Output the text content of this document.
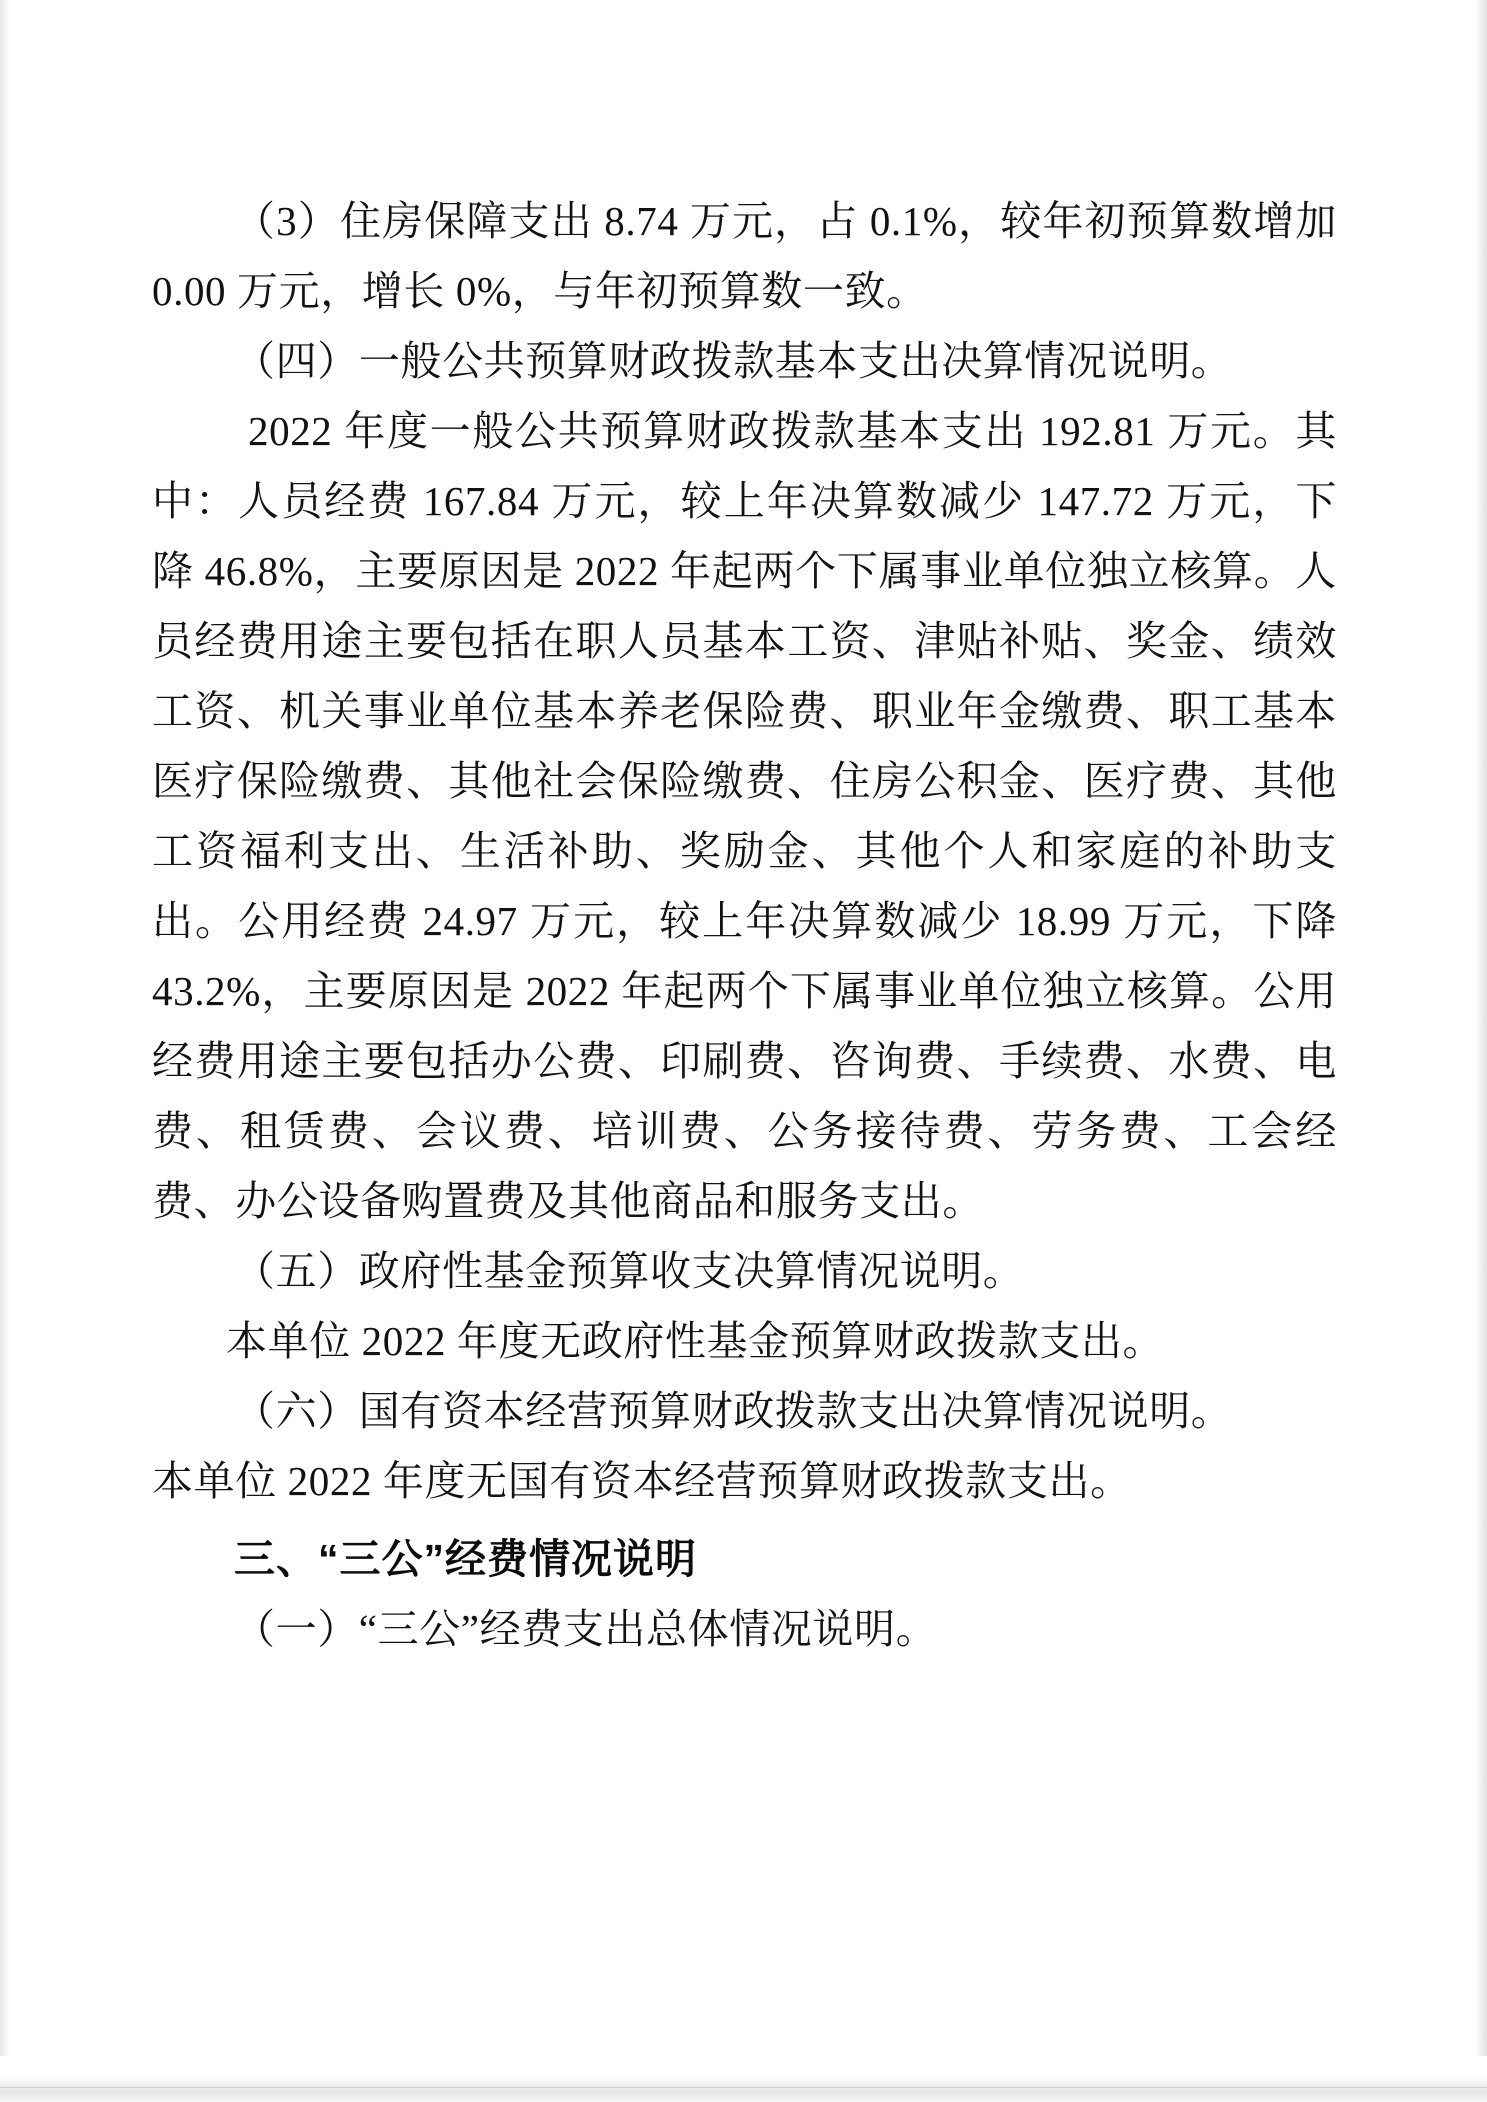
（3）住房保障支出 8.74 万元，占 0.1%，较年初预算数增加 0.00 万元，增长 0%，与年初预算数一致。

（四）一般公共预算财政拨款基本支出决算情况说明。

2022 年度一般公共预算财政拨款基本支出 192.81 万元。其中：人员经费 167.84 万元，较上年决算数减少 147.72 万元，下降 46.8%，主要原因是 2022 年起两个下属事业单位独立核算。人员经费用途主要包括在职人员基本工资、津贴补贴、奖金、绩效工资、机关事业单位基本养老保险费、职业年金缴费、职工基本医疗保险缴费、其他社会保险缴费、住房公积金、医疗费、其他工资福利支出、生活补助、奖励金、其他个人和家庭的补助支出。公用经费 24.97 万元，较上年决算数减少 18.99 万元，下降 43.2%，主要原因是 2022 年起两个下属事业单位独立核算。公用经费用途主要包括办公费、印刷费、咨询费、手续费、水费、电费、租赁费、会议费、培训费、公务接待费、劳务费、工会经费、办公设备购置费及其他商品和服务支出。

（五）政府性基金预算收支决算情况说明。

本单位 2022 年度无政府性基金预算财政拨款支出。

（六）国有资本经营预算财政拨款支出决算情况说明。

本单位 2022 年度无国有资本经营预算财政拨款支出。

三、“三公”经费情况说明

（一）“三公”经费支出总体情况说明。
